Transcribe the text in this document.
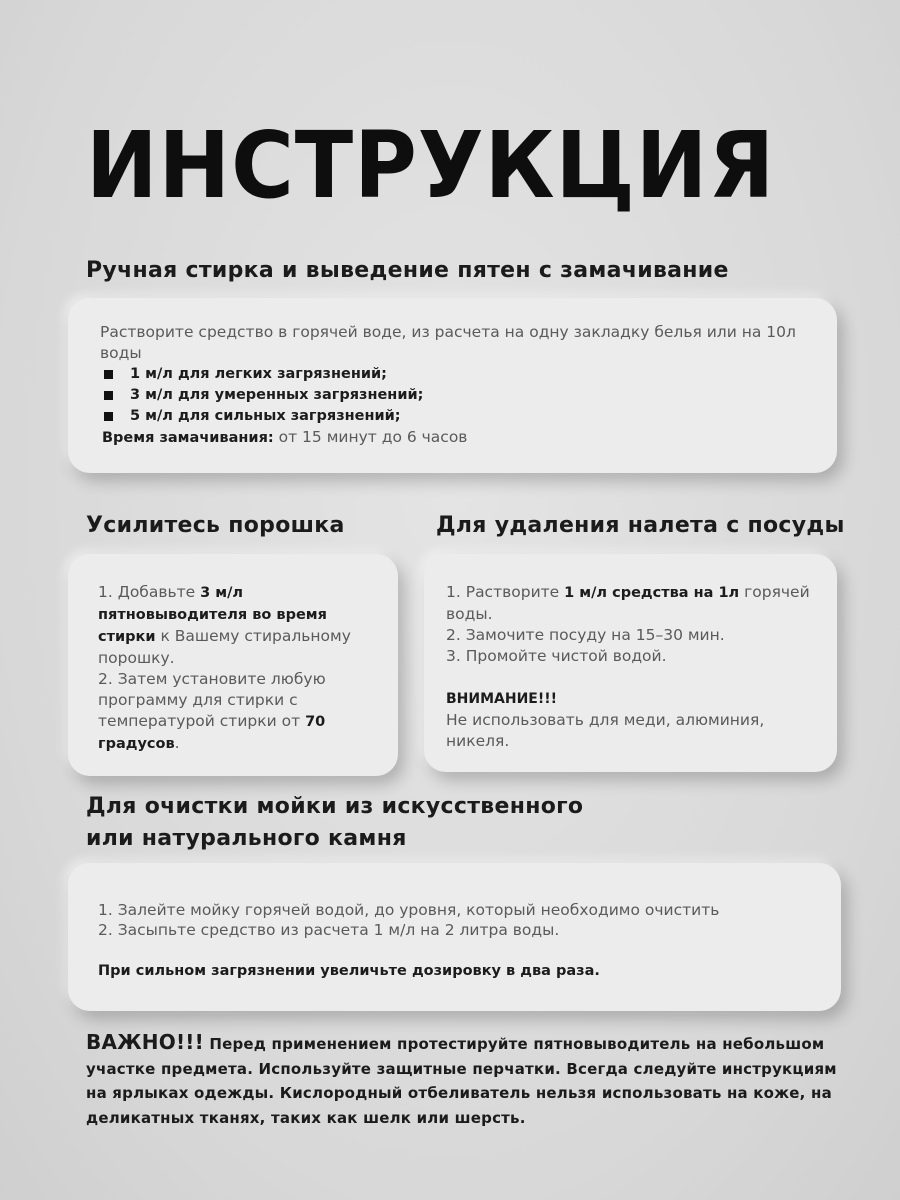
ИНСТРУКЦИЯ
Ручная стирка и выведение пятен с замачивание

Растворите средство в горячей воде, из расчета на одну закладку белья или на 10л воды

1 м/л для легких загрязнений;
3 м/л для умеренных загрязнений;
5 м/л для сильных загрязнений;

Время замачивания: от 15 минут до 6 часов

Усилитесь порошка

1. Добавьте 3 м/л пятновыводителя во время стирки к Вашему стиральному порошку.

2. Затем установите любую программу для стирки с температурой стирки от 70 градусов.

Для удаления налета с посуды

1. Растворите 1 м/л средства на 1л горячей воды.

2. Замочите посуду на 15–30 мин.

3. Промойте чистой водой.

ВНИМАНИЕ!!!

Не использовать для меди, алюминия, никеля.

Для очистки мойки из искусственного
или натурального камня

1. Залейте мойку горячей водой, до уровня, который необходимо очистить

2. Засыпьте средство из расчета 1 м/л на 2 литра воды.

При сильном загрязнении увеличьте дозировку в два раза.

ВАЖНО!!! Перед применением протестируйте пятновыводитель на небольшом участке предмета. Используйте защитные перчатки. Всегда следуйте инструкциям на ярлыках одежды. Кислородный отбеливатель нельзя использовать на коже, на деликатных тканях, таких как шелк или шерсть.
